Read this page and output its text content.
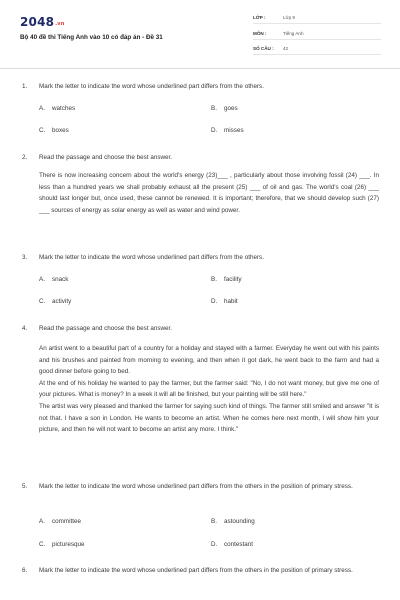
2048.vn
Bộ 40 đề thi Tiếng Anh vào 10 có đáp án - Đề 31
LỚP :	Lớp 9
MÔN :	Tiếng Anh
SỐ CÂU : 42
1. Mark the letter to indicate the word whose underlined part differs from the others.
A. watches	B. goes
C. boxes	D. misses
2. Read the passage and choose the best answer.

There is now increasing concern about the world's energy (23)___ , particularly about those involving fossil (24) ___. In less than a hundred years we shall probably exhaust all the present (25) ___ of oil and gas. The world's coal (26) ___ should last longer but, once used, these cannot be renewed. It is important; therefore, that we should develop such (27) ___ sources of energy as solar energy as well as water and wind power.

3. Mark the letter to indicate the word whose underlined part differs from the others.
A. snack	B. facility
C. activity	D. habit
4. Read the passage and choose the best answer.

An artist went to a beautiful part of a country for a holiday and stayed with a farmer. Everyday he went out with his paints and his brushes and painted from morning to evening, and then when it got dark, he went back to the farm and had a good dinner before going to bed.

At the end of his holiday he wanted to pay the farmer, but the farmer said: "No, I do not want money, but give me one of your pictures. What is money? In a week it will all be finished, but your painting will be still here."

The artist was very pleased and thanked the farmer for saying such kind of things. The farmer still smiled and answer "It is not that. I have a son in London. He wants to become an artist. When he comes here next month, I will show him your picture, and then he will not want to become an artist any more. I think."

5. Mark the letter to indicate the word whose underlined part differs from the others in the position of primary stress.
A. committee	B. astounding
C. picturesque	D. contestant
6. Mark the letter to indicate the word whose underlined part differs from the others in the position of primary stress.
